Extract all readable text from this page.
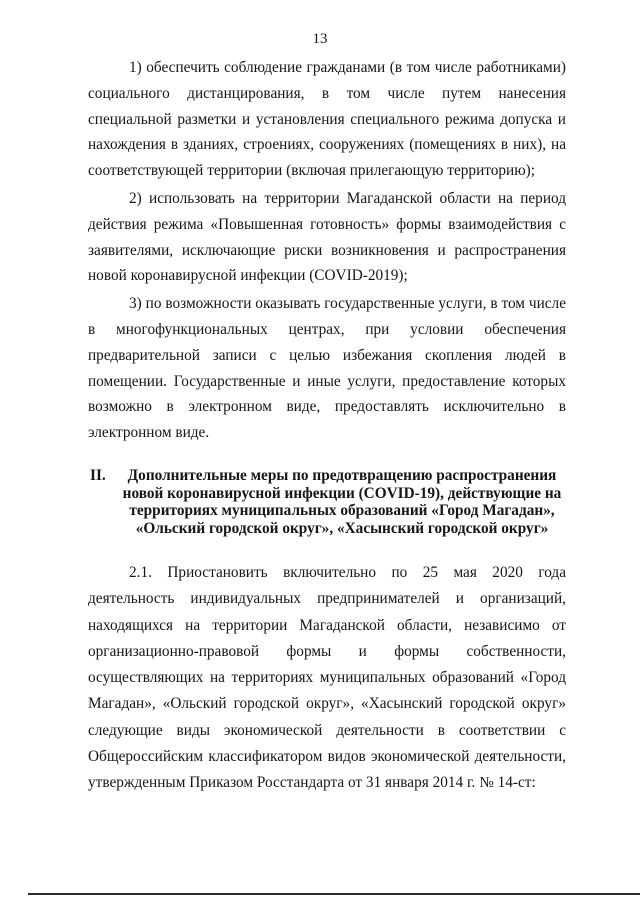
13

1) обеспечить соблюдение гражданами (в том числе работниками) социального дистанцирования, в том числе путем нанесения специальной разметки и установления специального режима допуска и нахождения в зданиях, строениях, сооружениях (помещениях в них), на соответствующей территории (включая прилегающую территорию);

2) использовать на территории Магаданской области на период действия режима «Повышенная готовность» формы взаимодействия с заявителями, исключающие риски возникновения и распространения новой коронавирусной инфекции (COVID-2019);

3) по возможности оказывать государственные услуги, в том числе в многофункциональных центрах, при условии обеспечения предварительной записи с целью избежания скопления людей в помещении. Государственные и иные услуги, предоставление которых возможно в электронном виде, предоставлять исключительно в электронном виде.

II.	Дополнительные меры по предотвращению распространения новой коронавирусной инфекции (COVID-19), действующие на территориях муниципальных образований «Город Магадан», «Ольский городской округ», «Хасынский городской округ»

2.1. Приостановить включительно по 25 мая 2020 года деятельность индивидуальных предпринимателей и организаций, находящихся на территории Магаданской области, независимо от организационно-правовой формы и формы собственности, осуществляющих на территориях муниципальных образований «Город Магадан», «Ольский городской округ», «Хасынский городской округ» следующие виды экономической деятельности в соответствии с Общероссийским классификатором видов экономической деятельности, утвержденным Приказом Росстандарта от 31 января 2014 г. № 14-ст:
